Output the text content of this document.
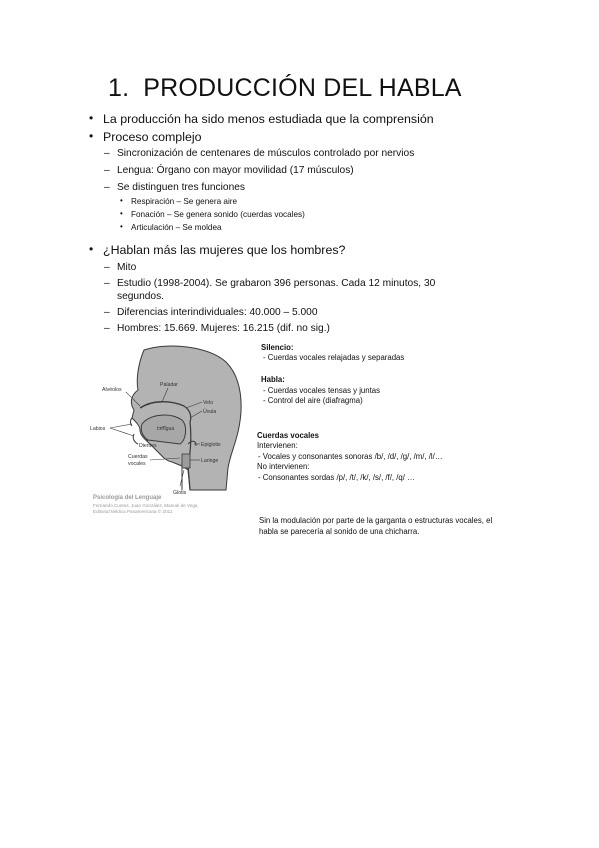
1. PRODUCCIÓN DEL HABLA
• La producción ha sido menos estudiada que la comprensión
• Proceso complejo
– Sincronización de centenares de músculos controlado por nervios
– Lengua: Órgano con mayor movilidad (17 músculos)
– Se distinguen tres funciones
• Respiración – Se genera aire
• Fonación – Se genera sonido (cuerdas vocales)
• Articulación – Se moldea
• ¿Hablan más las mujeres que los hombres?
– Mito
– Estudio (1998-2004). Se grabaron 396 personas. Cada 12 minutos, 30
segundos.
– Diferencias interindividuales: 40.000 – 5.000
– Hombres: 15.669. Mujeres: 16.215 (dif. no sig.)
Alvéolos
Paladar
Velo
Úvula
Labios	Lengua
Dientes	Epiglotis
Cuerdas
vocales	Laringe
Glotis
Psicología del Lenguaje
Fernando Cuetos, Juan González, Manuel de Vega
Editorial Médica Panamericana © 2011
Silencio:
- Cuerdas vocales relajadas y separadas
Habla:
- Cuerdas vocales tensas y juntas
- Control del aire (diafragma)
Cuerdas vocales
Intervienen:
- Vocales y consonantes sonoras /b/, /d/, /g/, /m/, /l/…
No intervienen:
- Consonantes sordas /p/, /t/, /k/, /s/, /f/, /q/ …
Sin la modulación por parte de la garganta o estructuras vocales, el
habla se parecería al sonido de una chicharra.
